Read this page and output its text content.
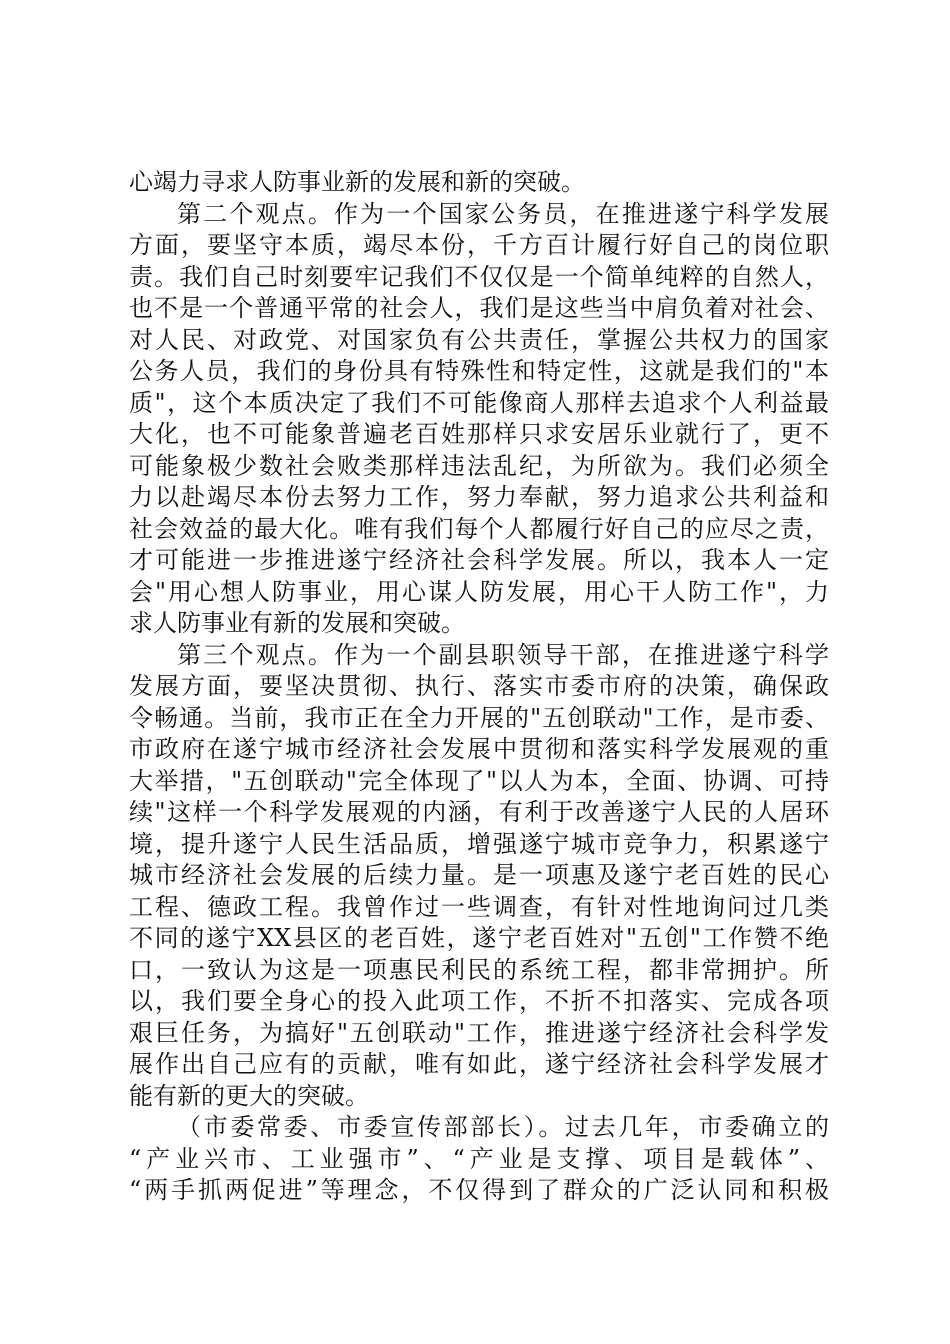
心竭力寻求人防事业新的发展和新的突破。
第二个观点。作为一个国家公务员，在推进遂宁科学发展
方面，要坚守本质，竭尽本份，千方百计履行好自己的岗位职
责。我们自己时刻要牢记我们不仅仅是一个简单纯粹的自然人，
也不是一个普通平常的社会人，我们是这些当中肩负着对社会、
对人民、对政党、对国家负有公共责任，掌握公共权力的国家
公务人员，我们的身份具有特殊性和特定性，这就是我们的"本
质"，这个本质决定了我们不可能像商人那样去追求个人利益最
大化，也不可能象普遍老百姓那样只求安居乐业就行了，更不
可能象极少数社会败类那样违法乱纪，为所欲为。我们必须全
力以赴竭尽本份去努力工作，努力奉献，努力追求公共利益和
社会效益的最大化。唯有我们每个人都履行好自己的应尽之责，
才可能进一步推进遂宁经济社会科学发展。所以，我本人一定
会"用心想人防事业，用心谋人防发展，用心干人防工作"，力
求人防事业有新的发展和突破。
第三个观点。作为一个副县职领导干部，在推进遂宁科学
发展方面，要坚决贯彻、执行、落实市委市府的决策，确保政
令畅通。当前，我市正在全力开展的"五创联动"工作，是市委、
市政府在遂宁城市经济社会发展中贯彻和落实科学发展观的重
大举措，"五创联动"完全体现了"以人为本，全面、协调、可持
续"这样一个科学发展观的内涵，有利于改善遂宁人民的人居环
境，提升遂宁人民生活品质，增强遂宁城市竞争力，积累遂宁
城市经济社会发展的后续力量。是一项惠及遂宁老百姓的民心
工程、德政工程。我曾作过一些调查，有针对性地询问过几类
不同的遂宁XX县区的老百姓，遂宁老百姓对"五创"工作赞不绝
口，一致认为这是一项惠民利民的系统工程，都非常拥护。所
以，我们要全身心的投入此项工作，不折不扣落实、完成各项
艰巨任务，为搞好"五创联动"工作，推进遂宁经济社会科学发
展作出自己应有的贡献，唯有如此，遂宁经济社会科学发展才
能有新的更大的突破。
（市委常委、市委宣传部部长）。过去几年，市委确立的
“产业兴市、工业强市”、“产业是支撑、项目是载体”、
“两手抓两促进”等理念，不仅得到了群众的广泛认同和积极
